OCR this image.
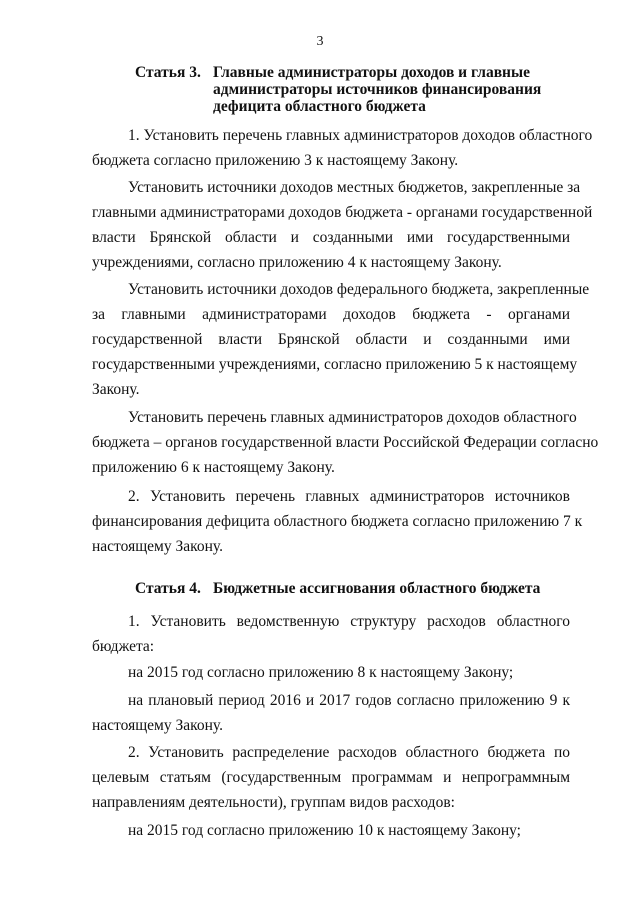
3
Статья 3. Главные администраторы доходов и главные
администраторы источников финансирования
дефицита областного бюджета
1. Установить перечень главных администраторов доходов областного
бюджета согласно приложению 3 к настоящему Закону.
Установить источники доходов местных бюджетов, закрепленные за
главными администраторами доходов бюджета - органами государственной
власти Брянской области и созданными ими государственными
учреждениями, согласно приложению 4 к настоящему Закону.
Установить источники доходов федерального бюджета, закрепленные
за главными администраторами доходов бюджета - органами
государственной власти Брянской области и созданными ими
государственными учреждениями, согласно приложению 5 к настоящему
Закону.
Установить перечень главных администраторов доходов областного
бюджета – органов государственной власти Российской Федерации согласно
приложению 6 к настоящему Закону.
2. Установить перечень главных администраторов источников
финансирования дефицита областного бюджета согласно приложению 7 к
настоящему Закону.
Статья 4. Бюджетные ассигнования областного бюджета
1. Установить ведомственную структуру расходов областного
бюджета:
на 2015 год согласно приложению 8 к настоящему Закону;
на плановый период 2016 и 2017 годов согласно приложению 9 к
настоящему Закону.
2. Установить распределение расходов областного бюджета по
целевым статьям (государственным программам и непрограммным
направлениям деятельности), группам видов расходов:
на 2015 год согласно приложению 10 к настоящему Закону;
